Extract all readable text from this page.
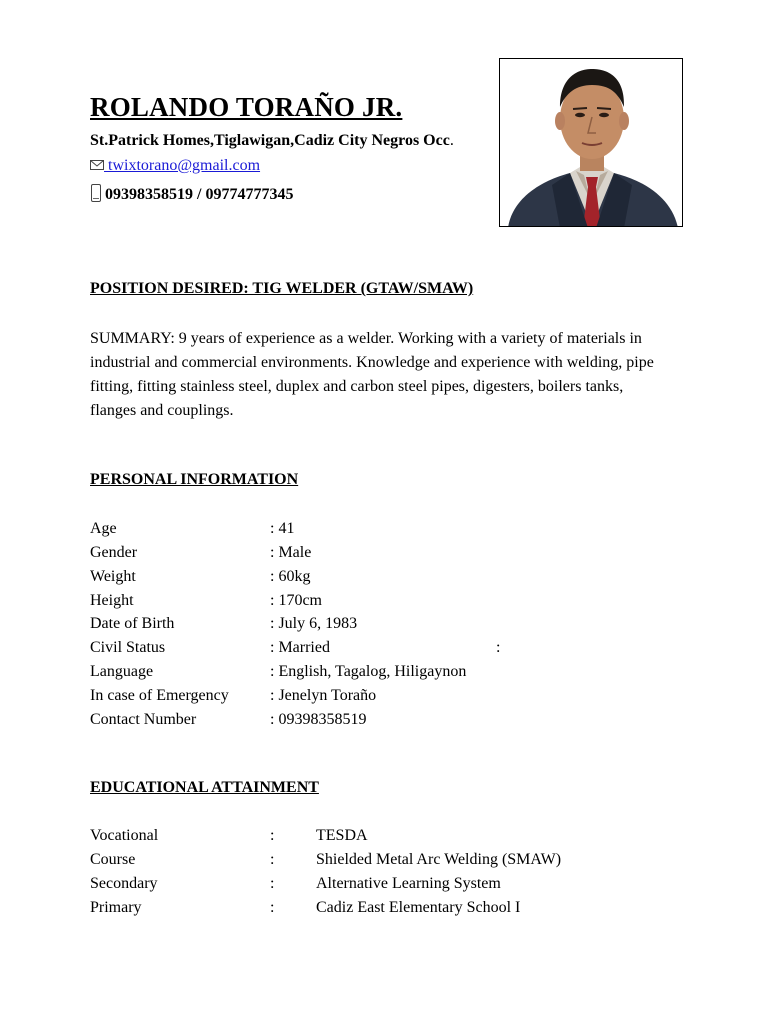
ROLANDO TORAÑO JR.
St.Patrick Homes,Tiglawigan,Cadiz City Negros Occ.
twixtorano@gmail.com
09398358519 / 09774777345
POSITION DESIRED: TIG WELDER (GTAW/SMAW)
SUMMARY: 9 years of experience as a welder. Working with a variety of materials in industrial and commercial environments. Knowledge and experience with welding, pipe fitting, fitting stainless steel, duplex and carbon steel pipes, digesters, boilers tanks, flanges and couplings.
PERSONAL INFORMATION
Age	: 41
Gender	: Male
Weight	: 60kg
Height	: 170cm
Date of Birth	: July 6, 1983
Civil Status	: Married	:
Language	: English, Tagalog, Hiligaynon
In case of Emergency	: Jenelyn Toraño
Contact Number	: 09398358519
EDUCATIONAL ATTAINMENT
Vocational	:	TESDA
Course	:	Shielded Metal Arc Welding (SMAW)
Secondary	:	Alternative Learning System
Primary	:	Cadiz East Elementary School I
